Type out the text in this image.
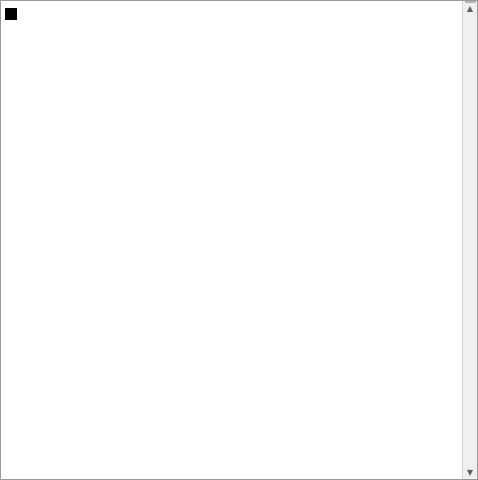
▲
▼
